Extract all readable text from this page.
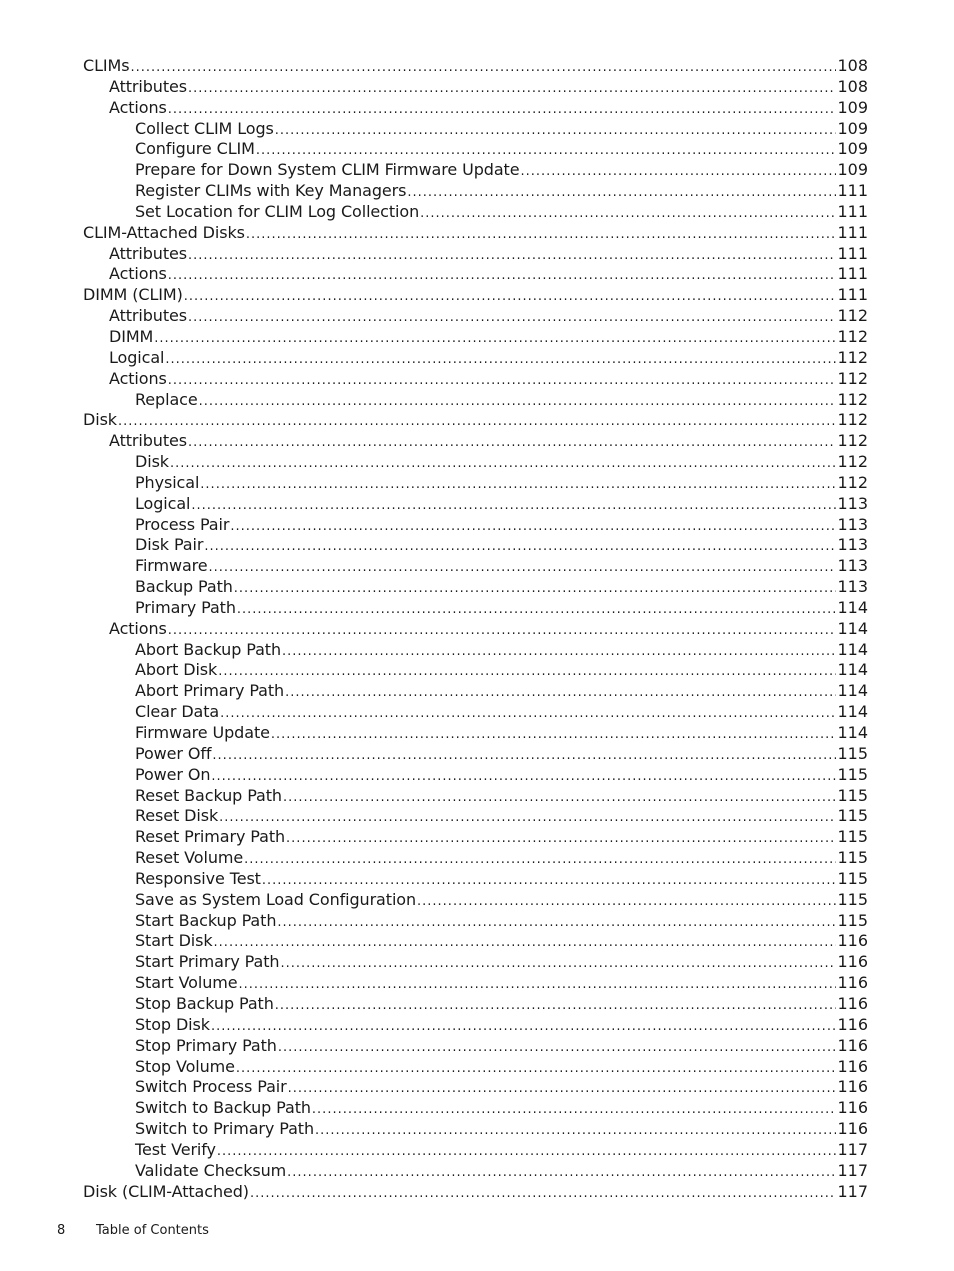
CLIMs .....	108
Attributes .....	108
Actions .....	109
Collect CLIM Logs .....	109
Configure CLIM .....	109
Prepare for Down System CLIM Firmware Update .....	109
Register CLIMs with Key Managers .....	111
Set Location for CLIM Log Collection .....	111
CLIM-Attached Disks .....	111
Attributes .....	111
Actions .....	111
DIMM (CLIM) .....	111
Attributes .....	112
DIMM .....	112
Logical .....	112
Actions .....	112
Replace .....	112
Disk .....	112
Attributes .....	112
Disk .....	112
Physical .....	112
Logical .....	113
Process Pair .....	113
Disk Pair .....	113
Firmware .....	113
Backup Path .....	113
Primary Path .....	114
Actions .....	114
Abort Backup Path .....	114
Abort Disk .....	114
Abort Primary Path .....	114
Clear Data .....	114
Firmware Update .....	114
Power Off .....	115
Power On .....	115
Reset Backup Path .....	115
Reset Disk .....	115
Reset Primary Path .....	115
Reset Volume .....	115
Responsive Test .....	115
Save as System Load Configuration .....	115
Start Backup Path .....	115
Start Disk .....	116
Start Primary Path .....	116
Start Volume .....	116
Stop Backup Path .....	116
Stop Disk .....	116
Stop Primary Path .....	116
Stop Volume .....	116
Switch Process Pair .....	116
Switch to Backup Path .....	116
Switch to Primary Path .....	116
Test Verify .....	117
Validate Checksum .....	117
Disk (CLIM-Attached) .....	117
8	Table of Contents
